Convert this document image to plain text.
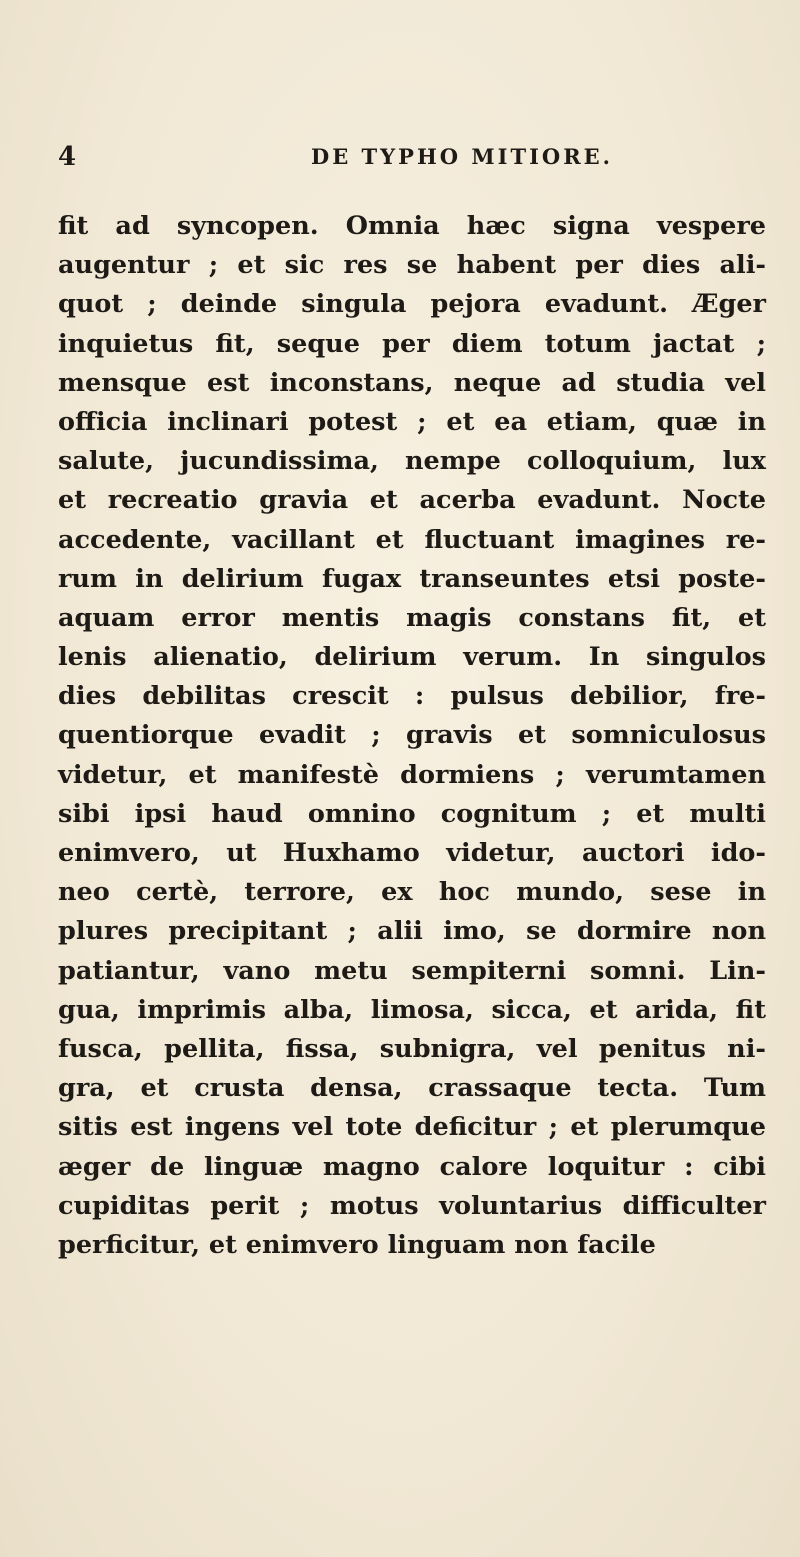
4	DE TYPHO MITIORE.
fit ad syncopen. Omnia hæc signa vespere
augentur ; et sic res se habent per dies ali-
quot ; deinde singula pejora evadunt. Æger
inquietus fit, seque per diem totum jactat ;
mensque est inconstans, neque ad studia vel
officia inclinari potest ; et ea etiam, quæ in
salute, jucundissima, nempe colloquium, lux
et recreatio gravia et acerba evadunt. Nocte
accedente, vacillant et fluctuant imagines re-
rum in delirium fugax transeuntes etsi poste-
aquam error mentis magis constans fit, et
lenis alienatio, delirium verum. In singulos
dies debilitas crescit : pulsus debilior, fre-
quentiorque evadit ; gravis et somniculosus
videtur, et manifestè dormiens ; verumtamen
sibi ipsi haud omnino cognitum ; et multi
enimvero, ut Huxhamo videtur, auctori ido-
neo certè, terrore, ex hoc mundo, sese in
plures precipitant ; alii imo, se dormire non
patiantur, vano metu sempiterni somni. Lin-
gua, imprimis alba, limosa, sicca, et arida, fit
fusca, pellita, fissa, subnigra, vel penitus ni-
gra, et crusta densa, crassaque tecta. Tum
sitis est ingens vel tote deficitur ; et plerumque
æger de linguæ magno calore loquitur : cibi
cupiditas perit ; motus voluntarius difficulter
perficitur, et enimvero linguam non facile
